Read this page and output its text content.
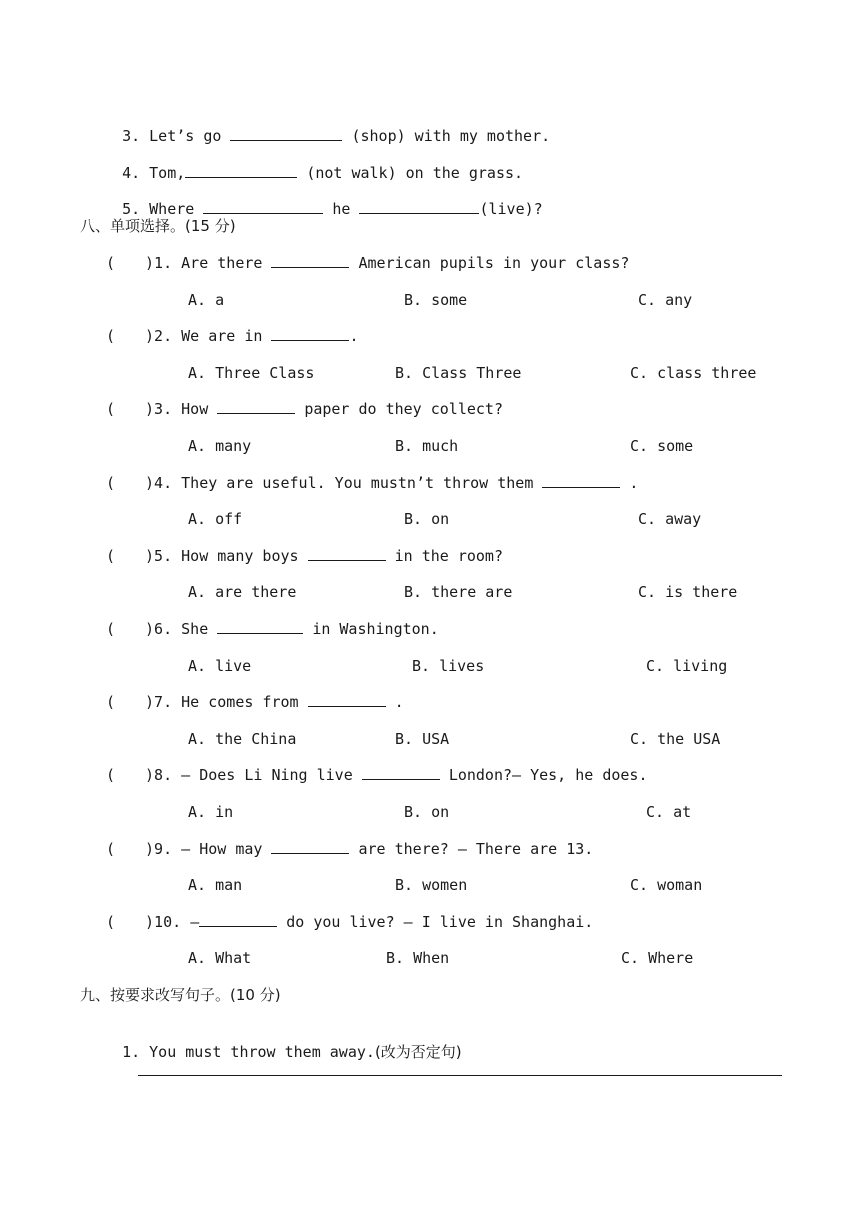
3. Let’s go	(shop) with my mother.

4. Tom,	(not walk) on the grass.

5. Where	he	(live)?

八、单项选择。(15 分)
( )1. Are there	American pupils in your class?
A. a	B. some	C. any
( )2. We are in	.
A. Three Class	B. Class Three	C. class three
( )3. How	paper do they collect?
A. many	B. much	C. some
( )4. They are useful. You mustn’t throw them	.
A. off	B. on	C. away
( )5. How many boys	in the room?
A. are there	B. there are	C. is there
( )6. She	in Washington.
A. live	B. lives	C. living
( )7. He comes from	.
A. the China	B. USA	C. the USA
( )8. — Does Li Ning live	London?— Yes, he does.
A. in	B. on	C. at
( )9. — How may	are there? — There are 13.
A. man	B. women	C. woman
( )10. —	do you live? — I live in Shanghai.
A. What	B. When	C. Where
九、按要求改写句子。(10 分)

1. You must throw them away.(改为否定句)
